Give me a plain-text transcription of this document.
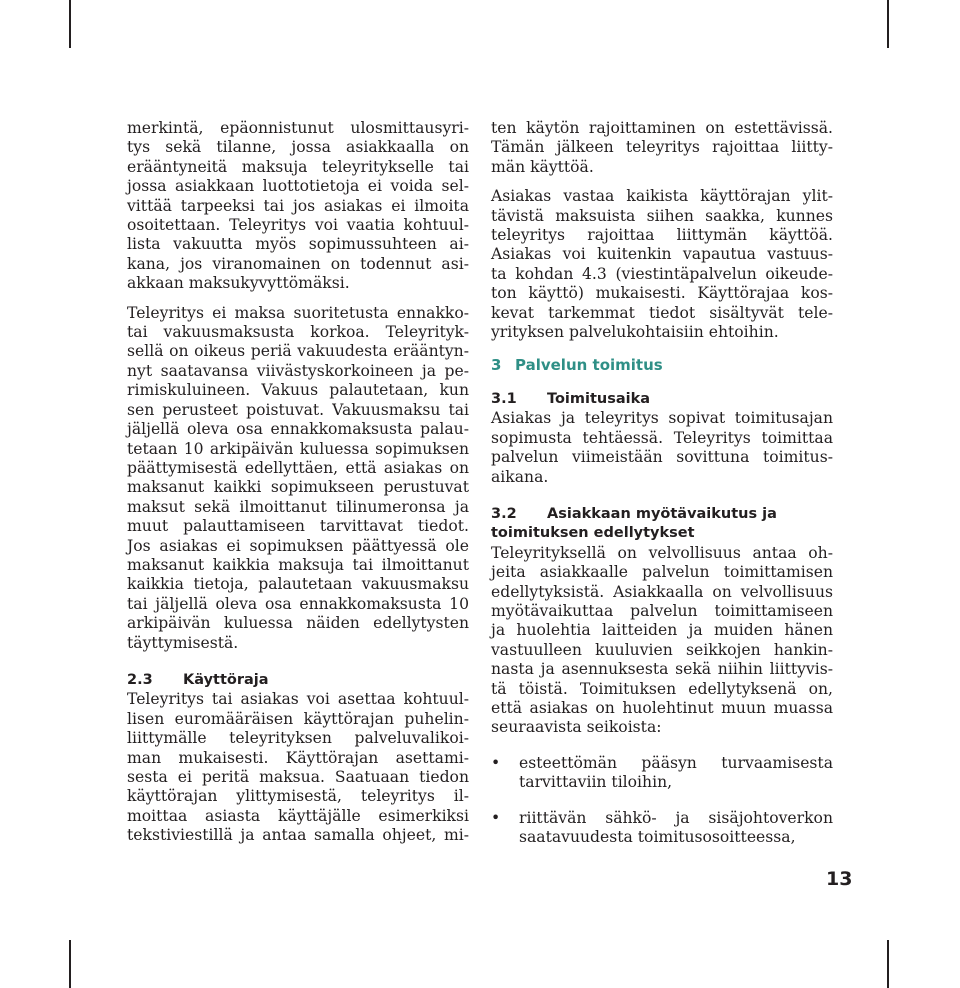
merkintä, epäonnistunut ulosmittausyri-
tys sekä tilanne, jossa asiakkaalla on
erääntyneitä maksuja teleyritykselle tai
jossa asiakkaan luottotietoja ei voida sel-
vittää tarpeeksi tai jos asiakas ei ilmoita
osoitettaan. Teleyritys voi vaatia kohtuul-
lista vakuutta myös sopimussuhteen ai-
kana, jos viranomainen on todennut asi-
akkaan maksukyvyttömäksi.
Teleyritys ei maksa suoritetusta ennakko-
tai vakuusmaksusta korkoa. Teleyrityk-
sellä on oikeus periä vakuudesta erääntyn-
nyt saatavansa viivästyskorkoineen ja pe-
rimiskuluineen. Vakuus palautetaan, kun
sen perusteet poistuvat. Vakuusmaksu tai
jäljellä oleva osa ennakkomaksusta palau-
tetaan 10 arkipäivän kuluessa sopimuksen
päättymisestä edellyttäen, että asiakas on
maksanut kaikki sopimukseen perustuvat
maksut sekä ilmoittanut tilinumeronsa ja
muut palauttamiseen tarvittavat tiedot.
Jos asiakas ei sopimuksen päättyessä ole
maksanut kaikkia maksuja tai ilmoittanut
kaikkia tietoja, palautetaan vakuusmaksu
tai jäljellä oleva osa ennakkomaksusta 10
arkipäivän kuluessa näiden edellytysten
täyttymisestä.
2.3 Käyttöraja
Teleyritys tai asiakas voi asettaa kohtuul-
lisen euromääräisen käyttörajan puhelin-
liittymälle teleyrityksen palveluvalikoi-
man mukaisesti. Käyttörajan asettami-
sesta ei peritä maksua. Saatuaan tiedon
käyttörajan ylittymisestä, teleyritys il-
moittaa asiasta käyttäjälle esimerkiksi
tekstiviestillä ja antaa samalla ohjeet, mi-
ten käytön rajoittaminen on estettävissä.
Tämän jälkeen teleyritys rajoittaa liitty-
män käyttöä.
Asiakas vastaa kaikista käyttörajan ylit-
tävistä maksuista siihen saakka, kunnes
teleyritys rajoittaa liittymän käyttöä.
Asiakas voi kuitenkin vapautua vastuus-
ta kohdan 4.3 (viestintäpalvelun oikeude-
ton käyttö) mukaisesti. Käyttörajaa kos-
kevat tarkemmat tiedot sisältyvät tele-
yrityksen palvelukohtaisiin ehtoihin.
3 Palvelun toimitus
3.1 Toimitusaika
Asiakas ja teleyritys sopivat toimitusajan
sopimusta tehtäessä. Teleyritys toimittaa
palvelun viimeistään sovittuna toimitus-
aikana.
3.2 Asiakkaan myötävaikutus ja
toimituksen edellytykset
Teleyrityksellä on velvollisuus antaa oh-
jeita asiakkaalle palvelun toimittamisen
edellytyksistä. Asiakkaalla on velvollisuus
myötävaikuttaa palvelun toimittamiseen
ja huolehtia laitteiden ja muiden hänen
vastuulleen kuuluvien seikkojen hankin-
nasta ja asennuksesta sekä niihin liittyvis-
tä töistä. Toimituksen edellytyksenä on,
että asiakas on huolehtinut muun muassa
seuraavista seikoista:
• esteettömän pääsyn turvaamisesta
tarvittaviin tiloihin,
• riittävän sähkö- ja sisäjohtoverkon
saatavuudesta toimitusosoitteessa,
13
